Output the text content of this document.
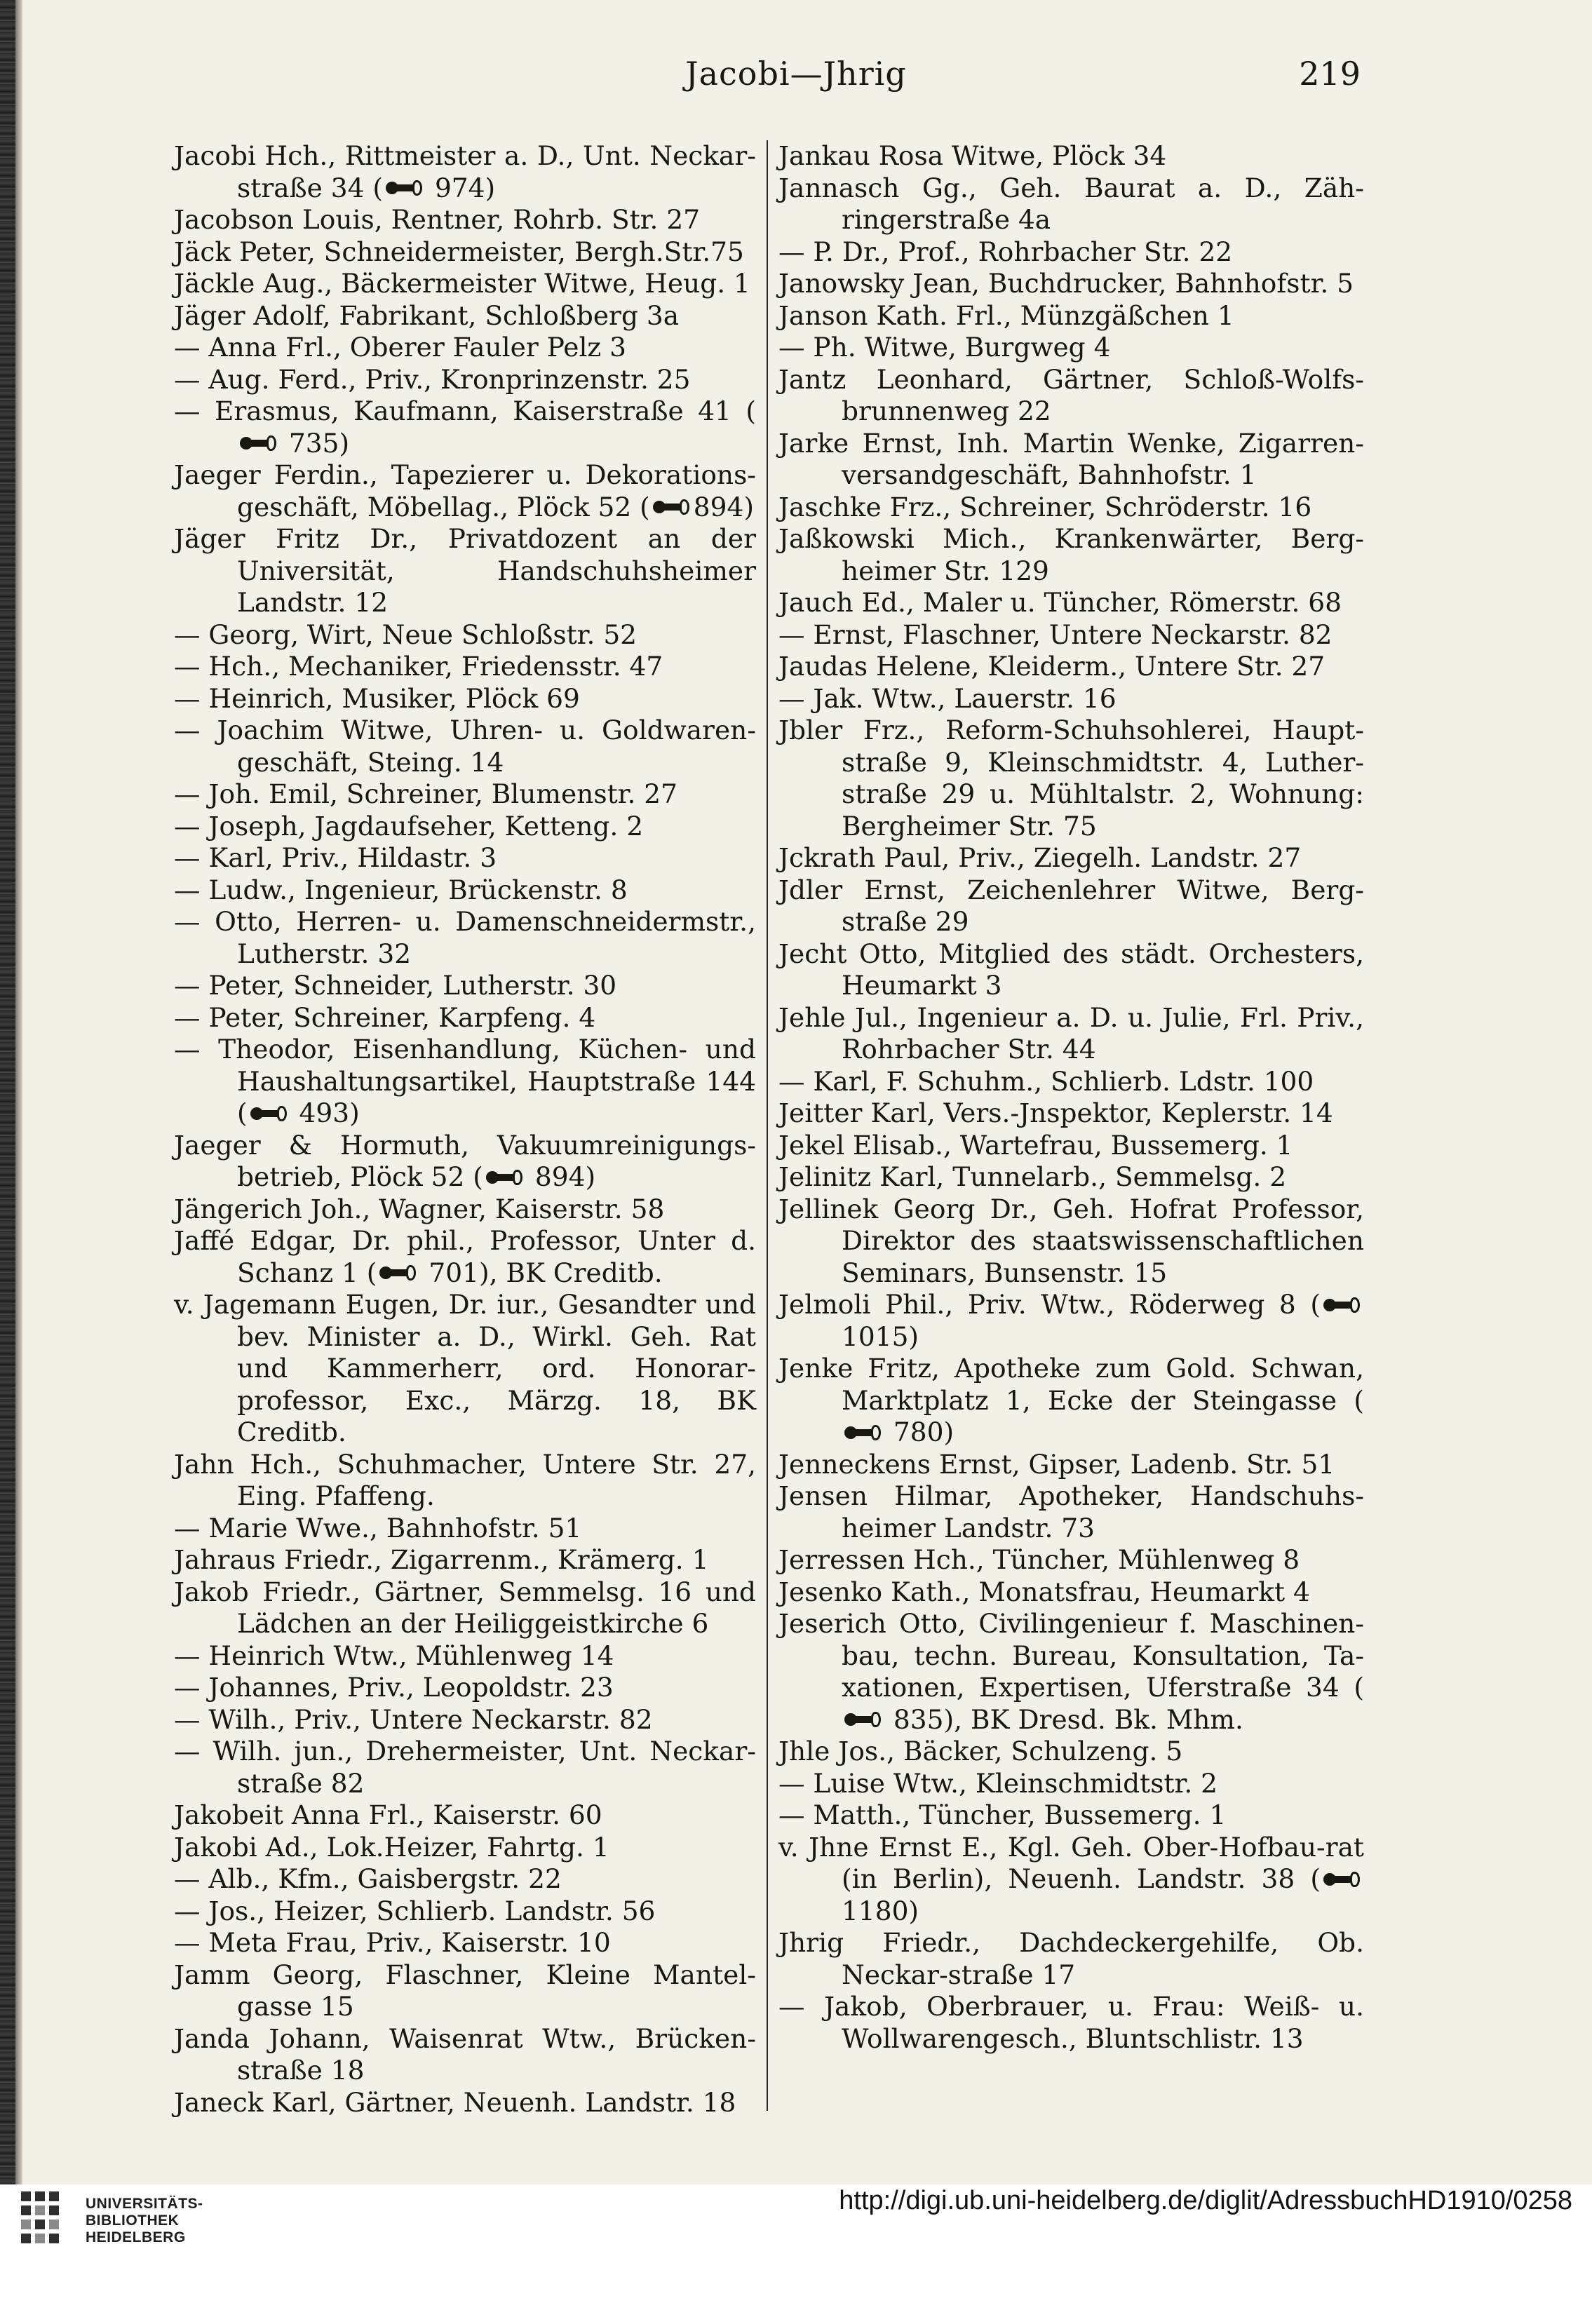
Jacobi—Jhrig	219
Jacobi Hch., Rittmeister a. D., Unt. Neckar-straße 34 (
974)
Jacobson Louis, Rentner, Rohrb. Str. 27
Jäck Peter, Schneidermeister, Bergh.Str.75
Jäckle Aug., Bäckermeister Witwe, Heug. 1
Jäger Adolf, Fabrikant, Schloßberg 3a
— Anna Frl., Oberer Fauler Pelz 3
— Aug. Ferd., Priv., Kronprinzenstr. 25
— Erasmus, Kaufmann, Kaiserstraße 41 (
735)
Jaeger Ferdin., Tapezierer u. Dekorations-geschäft, Möbellag., Plöck 52 ( 894)
Jäger Fritz Dr., Privatdozent an der Universität, Handschuhsheimer Landstr. 12
— Georg, Wirt, Neue Schloßstr. 52
— Hch., Mechaniker, Friedensstr. 47
— Heinrich, Musiker, Plöck 69
— Joachim Witwe, Uhren- u. Goldwaren-geschäft, Steing. 14
— Joh. Emil, Schreiner, Blumenstr. 27
— Joseph, Jagdaufseher, Ketteng. 2
— Karl, Priv., Hildastr. 3
— Ludw., Ingenieur, Brückenstr. 8
— Otto, Herren- u. Damenschneidermstr., Lutherstr. 32
— Peter, Schneider, Lutherstr. 30
— Peter, Schreiner, Karpfeng. 4
— Theodor, Eisenhandlung, Küchen- und Haushaltungsartikel, Hauptstraße 144 (
493)
Jaeger & Hormuth, Vakuumreinigungs-betrieb, Plöck 52 (
894)
Jängerich Joh., Wagner, Kaiserstr. 58
Jaffé Edgar, Dr. phil., Professor, Unter d. Schanz 1 (
701), BK Creditb.
v. Jagemann Eugen, Dr. iur., Gesandter und bev. Minister a. D., Wirkl. Geh. Rat und Kammerherr, ord. Honorar-professor, Exc., Märzg. 18, BK Creditb.
Jahn Hch., Schuhmacher, Untere Str. 27, Eing. Pfaffeng.
— Marie Wwe., Bahnhofstr. 51
Jahraus Friedr., Zigarrenm., Krämerg. 1
Jakob Friedr., Gärtner, Semmelsg. 16 und Lädchen an der Heiliggeistkirche 6
— Heinrich Wtw., Mühlenweg 14
— Johannes, Priv., Leopoldstr. 23
— Wilh., Priv., Untere Neckarstr. 82
— Wilh. jun., Drehermeister, Unt. Neckar-straße 82
Jakobeit Anna Frl., Kaiserstr. 60
Jakobi Ad., Lok.Heizer, Fahrtg. 1
— Alb., Kfm., Gaisbergstr. 22
— Jos., Heizer, Schlierb. Landstr. 56
— Meta Frau, Priv., Kaiserstr. 10
Jamm Georg, Flaschner, Kleine Mantel-gasse 15
Janda Johann, Waisenrat Wtw., Brücken-straße 18
Janeck Karl, Gärtner, Neuenh. Landstr. 18
Jankau Rosa Witwe, Plöck 34
Jannasch Gg., Geh. Baurat a. D., Zäh-ringerstraße 4a
— P. Dr., Prof., Rohrbacher Str. 22
Janowsky Jean, Buchdrucker, Bahnhofstr. 5
Janson Kath. Frl., Münzgäßchen 1
— Ph. Witwe, Burgweg 4
Jantz Leonhard, Gärtner, Schloß-Wolfs-brunnenweg 22
Jarke Ernst, Inh. Martin Wenke, Zigarren-versandgeschäft, Bahnhofstr. 1
Jaschke Frz., Schreiner, Schröderstr. 16
Jaßkowski Mich., Krankenwärter, Berg-heimer Str. 129
Jauch Ed., Maler u. Tüncher, Römerstr. 68
— Ernst, Flaschner, Untere Neckarstr. 82
Jaudas Helene, Kleiderm., Untere Str. 27
— Jak. Wtw., Lauerstr. 16
Jbler Frz., Reform-Schuhsohlerei, Haupt-straße 9, Kleinschmidtstr. 4, Luther-straße 29 u. Mühltalstr. 2, Wohnung: Bergheimer Str. 75
Jckrath Paul, Priv., Ziegelh. Landstr. 27
Jdler Ernst, Zeichenlehrer Witwe, Berg-straße 29
Jecht Otto, Mitglied des städt. Orchesters, Heumarkt 3
Jehle Jul., Ingenieur a. D. u. Julie, Frl. Priv., Rohrbacher Str. 44
— Karl, F. Schuhm., Schlierb. Ldstr. 100
Jeitter Karl, Vers.-Jnspektor, Keplerstr. 14
Jekel Elisab., Wartefrau, Bussemerg. 1
Jelinitz Karl, Tunnelarb., Semmelsg. 2
Jellinek Georg Dr., Geh. Hofrat Professor, Direktor des staatswissenschaftlichen Seminars, Bunsenstr. 15
Jelmoli Phil., Priv. Wtw., Röderweg 8 (
1015)
Jenke Fritz, Apotheke zum Gold. Schwan, Marktplatz 1, Ecke der Steingasse (
780)
Jenneckens Ernst, Gipser, Ladenb. Str. 51
Jensen Hilmar, Apotheker, Handschuhs-heimer Landstr. 73
Jerressen Hch., Tüncher, Mühlenweg 8
Jesenko Kath., Monatsfrau, Heumarkt 4
Jeserich Otto, Civilingenieur f. Maschinen-bau, techn. Bureau, Konsultation, Ta-xationen, Expertisen, Uferstraße 34 (
835), BK Dresd. Bk. Mhm.
Jhle Jos., Bäcker, Schulzeng. 5
— Luise Wtw., Kleinschmidtstr. 2
— Matth., Tüncher, Bussemerg. 1
v. Jhne Ernst E., Kgl. Geh. Ober-Hofbau-rat (in Berlin), Neuenh. Landstr. 38 (
1180)
Jhrig Friedr., Dachdeckergehilfe, Ob. Neckar-straße 17
— Jakob, Oberbrauer, u. Frau: Weiß- u. Wollwarengesch., Bluntschlistr. 13
UNIVERSITÄTS-
BIBLIOTHEK
HEIDELBERG
http://digi.ub.uni-heidelberg.de/diglit/AdressbuchHD1910/0258
